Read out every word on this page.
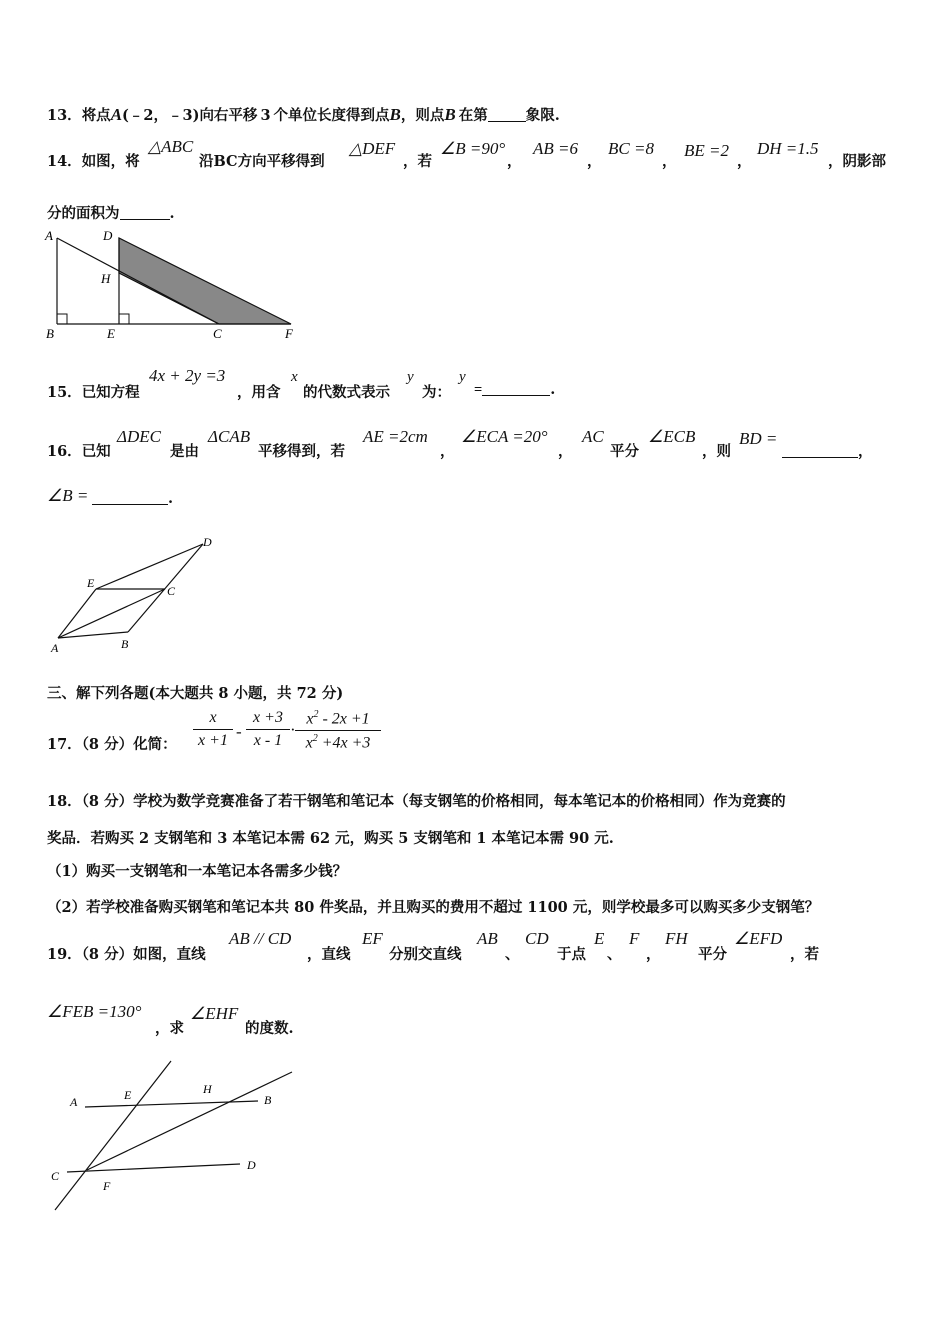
13．将点A(﹣2，﹣3)向右平移 3 个单位长度得到点B，则点B 在第	象限.
14．如图，将
△ABC
沿BC方向平移得到
△DEF
，若
∠B =90°
，
AB =6
，
BC =8
，
BE =2
，
DH =1.5
，阴影部
分的面积为	.
A	D
H
B	E	C	F
15．已知方程
4x + 2y =3
，用含
x
的代数式表示
y
为：
y
=	.
16．已知
ΔDEC
是由
ΔCAB
平移得到，若
AE =2cm
，
∠ECA =20°
，
AC
平分
∠ECB
，则
BD =
，
∠B =	.
D
E
C
A	B
三、解下列各题(本大题共 8 小题，共 72 分)
17．（8 分）化简： $\frac{x}{x +1} - \frac{x +3}{x - 1} \cdot \frac{x^2 - 2x +1}{x^2 +4x +3}$
18．（8 分）学校为数学竞赛准备了若干钢笔和笔记本（每支钢笔的价格相同，每本笔记本的价格相同）作为竞赛的
奖品．若购买 2 支钢笔和 3 本笔记本需 62 元，购买 5 支钢笔和 1 本笔记本需 90 元.
（1）购买一支钢笔和一本笔记本各需多少钱？
（2）若学校准备购买钢笔和笔记本共 80 件奖品，并且购买的费用不超过 1100 元，则学校最多可以购买多少支钢笔？
19．（8 分）如图，直线
AB // CD
，直线
EF
分别交直线
AB
、
CD
于点
E
、
F
，
FH
平分
∠EFD
，若
∠FEB =130°
，求
∠EHF
的度数.
A	E	H
B
C
F
D
